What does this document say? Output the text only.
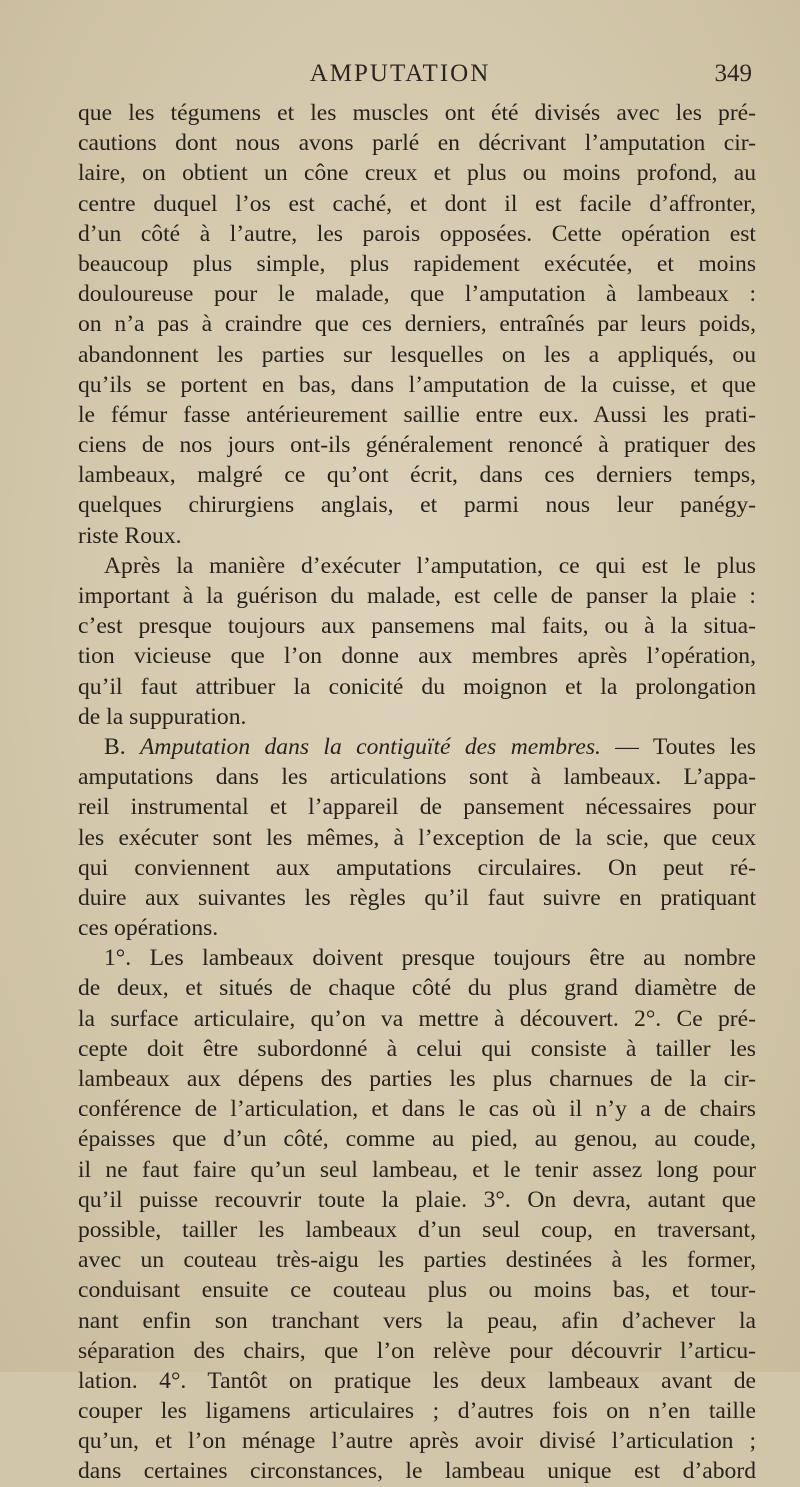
AMPUTATION	349
que les tégumens et les muscles ont été divisés avec les pré-
cautions dont nous avons parlé en décrivant l’amputation cir-
laire, on obtient un cône creux et plus ou moins profond, au
centre duquel l’os est caché, et dont il est facile d’affronter,
d’un côté à l’autre, les parois opposées. Cette opération est
beaucoup plus simple, plus rapidement exécutée, et moins
douloureuse pour le malade, que l’amputation à lambeaux :
on n’a pas à craindre que ces derniers, entraînés par leurs poids,
abandonnent les parties sur lesquelles on les a appliqués, ou
qu’ils se portent en bas, dans l’amputation de la cuisse, et que
le fémur fasse antérieurement saillie entre eux. Aussi les prati-
ciens de nos jours ont-ils généralement renoncé à pratiquer des
lambeaux, malgré ce qu’ont écrit, dans ces derniers temps,
quelques chirurgiens anglais, et parmi nous leur panégy-
riste Roux.
Après la manière d’exécuter l’amputation, ce qui est le plus
important à la guérison du malade, est celle de panser la plaie :
c’est presque toujours aux pansemens mal faits, ou à la situa-
tion vicieuse que l’on donne aux membres après l’opération,
qu’il faut attribuer la conicité du moignon et la prolongation
de la suppuration.
B. Amputation dans la contiguïté des membres. — Toutes les
amputations dans les articulations sont à lambeaux. L’appa-
reil instrumental et l’appareil de pansement nécessaires pour
les exécuter sont les mêmes, à l’exception de la scie, que ceux
qui conviennent aux amputations circulaires. On peut ré-
duire aux suivantes les règles qu’il faut suivre en pratiquant
ces opérations.
1°. Les lambeaux doivent presque toujours être au nombre
de deux, et situés de chaque côté du plus grand diamètre de
la surface articulaire, qu’on va mettre à découvert. 2°. Ce pré-
cepte doit être subordonné à celui qui consiste à tailler les
lambeaux aux dépens des parties les plus charnues de la cir-
conférence de l’articulation, et dans le cas où il n’y a de chairs
épaisses que d’un côté, comme au pied, au genou, au coude,
il ne faut faire qu’un seul lambeau, et le tenir assez long pour
qu’il puisse recouvrir toute la plaie. 3°. On devra, autant que
possible, tailler les lambeaux d’un seul coup, en traversant,
avec un couteau très-aigu les parties destinées à les former,
conduisant ensuite ce couteau plus ou moins bas, et tour-
nant enfin son tranchant vers la peau, afin d’achever la
séparation des chairs, que l’on relève pour découvrir l’articu-
lation. 4°. Tantôt on pratique les deux lambeaux avant de
couper les ligamens articulaires ; d’autres fois on n’en taille
qu’un, et l’on ménage l’autre après avoir divisé l’articulation ;
dans certaines circonstances, le lambeau unique est d’abord
